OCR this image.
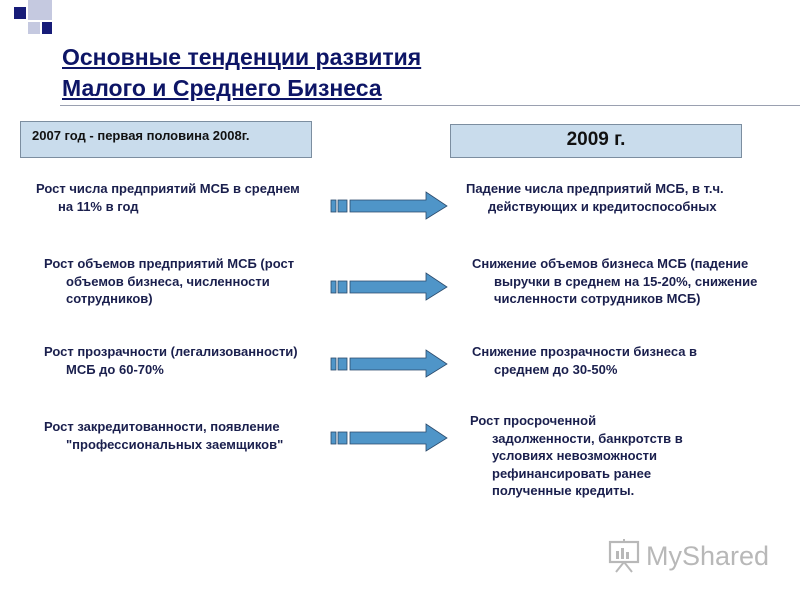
Основные тенденции развития
Малого и Среднего Бизнеса
2007 год - первая половина 2008г.	2009 г.

Рост числа предприятий МСБ в среднем на 11% в год

Падение числа предприятий МСБ, в т.ч. действующих и кредитоспособных

Рост объемов предприятий МСБ (рост объемов бизнеса, численности сотрудников)

Снижение объемов бизнеса МСБ (падение выручки в среднем на 15-20%, снижение численности сотрудников МСБ)

Рост прозрачности (легализованности) МСБ до 60-70%

Снижение прозрачности бизнеса в среднем до 30-50%

Рост закредитованности, появление "профессиональных заемщиков"

Рост просроченной задолженности, банкротств в условиях невозможности рефинансировать ранее полученные кредиты.

MyShared
